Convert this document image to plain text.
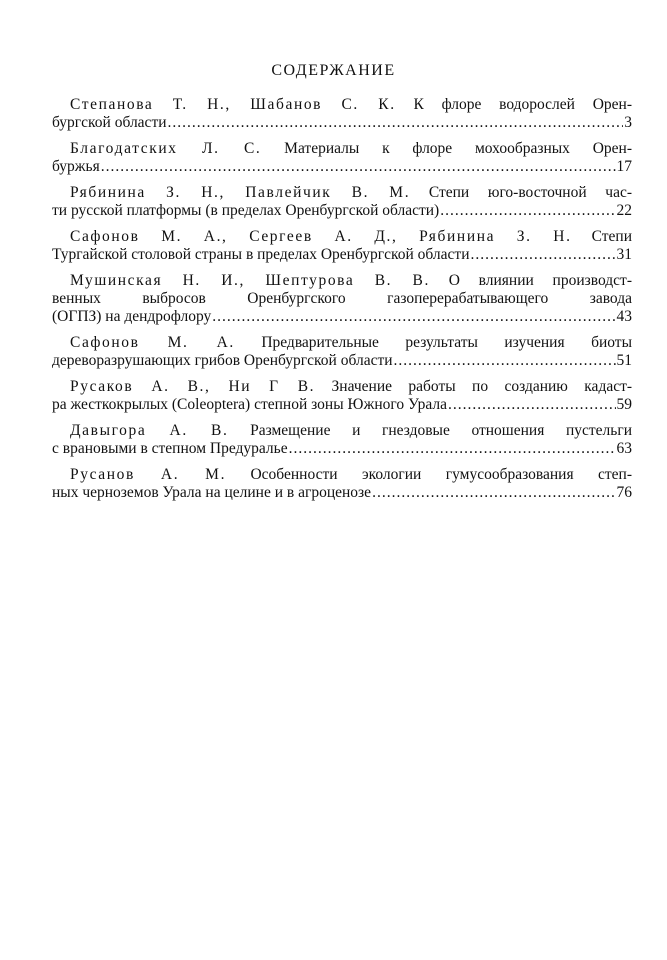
СОДЕРЖАНИЕ
Степанова Т. Н., Шабанов С. К. К флоре водорослей Орен-
бургской области .....	3
Благодатских Л. С. Материалы к флоре мохообразных Орен-
буржья .....	17
Рябинина З. Н., Павлейчик В. М. Степи юго-восточной час-
ти русской платформы (в пределах Оренбургской области) .....	22
Сафонов М. А., Сергеев А. Д., Рябинина З. Н. Степи
Тургайской столовой страны в пределах Оренбургской области .....	31
Мушинская Н. И., Шептурова В. В. О влиянии производст-
венных выбросов Оренбургского газоперерабатывающего завода
(ОГПЗ) на дендрофлору .....	43
Сафонов М. А. Предварительные результаты изучения биоты
дереворазрушающих грибов Оренбургской области .....	51
Русаков А. В., Ни Г В. Значение работы по созданию кадаст-
ра жесткокрылых (Coleoptera) степной зоны Южного Урала .....	59
Давыгора А. В. Размещение и гнездовые отношения пустельги
с врановыми в степном Предуралье .....	63
Русанов А. М. Особенности экологии гумусообразования степ-
ных черноземов Урала на целине и в агроценозе .....	76
